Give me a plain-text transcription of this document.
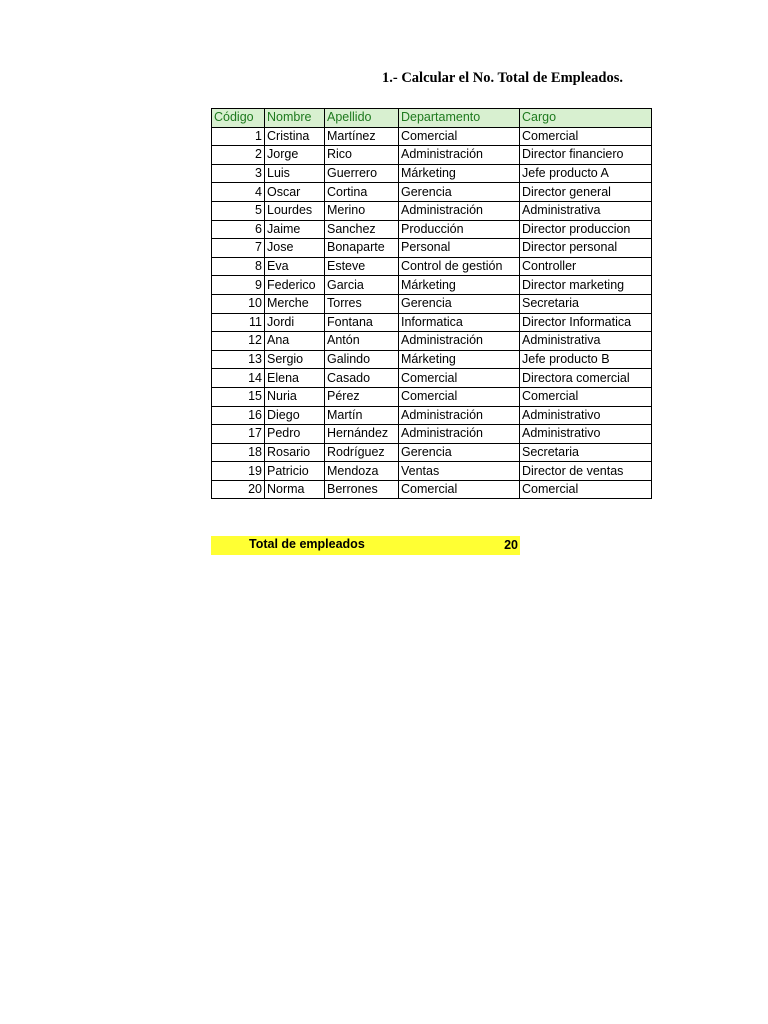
1.- Calcular el No. Total de Empleados.
Código	Nombre	Apellido	Departamento	Cargo
1	Cristina	Martínez	Comercial	Comercial
2	Jorge	Rico	Administración	Director financiero
3	Luis	Guerrero	Márketing	Jefe producto A
4	Oscar	Cortina	Gerencia	Director general
5	Lourdes	Merino	Administración	Administrativa
6	Jaime	Sanchez	Producción	Director produccion
7	Jose	Bonaparte	Personal	Director personal
8	Eva	Esteve	Control de gestión	Controller
9	Federico	Garcia	Márketing	Director marketing
10	Merche	Torres	Gerencia	Secretaria
11	Jordi	Fontana	Informatica	Director Informatica
12	Ana	Antón	Administración	Administrativa
13	Sergio	Galindo	Márketing	Jefe producto B
14	Elena	Casado	Comercial	Directora comercial
15	Nuria	Pérez	Comercial	Comercial
16	Diego	Martín	Administración	Administrativo
17	Pedro	Hernández	Administración	Administrativo
18	Rosario	Rodríguez	Gerencia	Secretaria
19	Patricio	Mendoza	Ventas	Director de ventas
20	Norma	Berrones	Comercial	Comercial
Total de empleados	20
